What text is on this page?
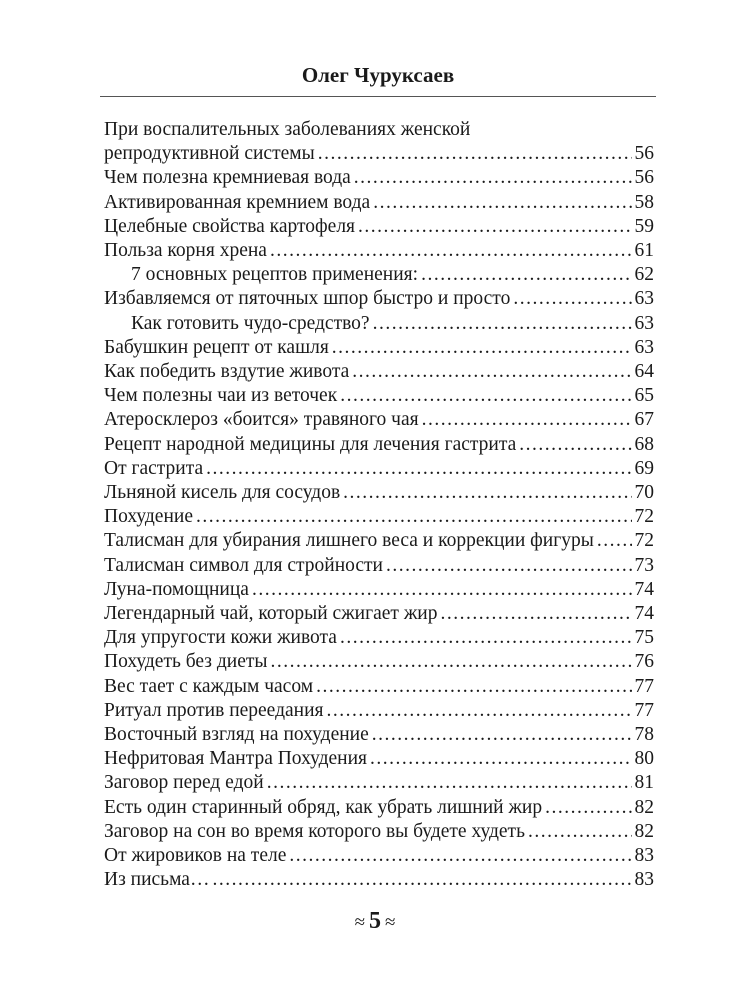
Олег Чуруксаев
При воспалительных заболеваниях женской
репродуктивной системы .....	56
Чем полезна кремниевая вода .....	56
Активированная кремнием вода .....	58
Целебные свойства картофеля .....	59
Польза корня хрена .....	61
7 основных рецептов применения: .....	62
Избавляемся от пяточных шпор быстро и просто .....	63
Как готовить чудо-средство? .....	63
Бабушкин рецепт от кашля .....	63
Как победить вздутие живота .....	64
Чем полезны чаи из веточек .....	65
Атеросклероз «боится» травяного чая .....	67
Рецепт народной медицины для лечения гастрита .....	68
От гастрита .....	69
Льняной кисель для сосудов .....	70
Похудение .....	72
Талисман для убирания лишнего веса и коррекции фигуры ..... 72
Талисман символ для стройности .....	73
Луна-помощница .....	74
Легендарный чай, который сжигает жир .....	74
Для упругости кожи живота .....	75
Похудеть без диеты .....	76
Вес тает с каждым часом .....	77
Ритуал против переедания .....	77
Восточный взгляд на похудение .....	78
Нефритовая Мантра Похудения .....	80
Заговор перед едой .....	81
Есть один старинный обряд, как убрать лишний жир .....	82
Заговор на сон во время которого вы будете худеть .....	82
От жировиков на теле .....	83
Из письма… .....	83
≈ 5 ≈
